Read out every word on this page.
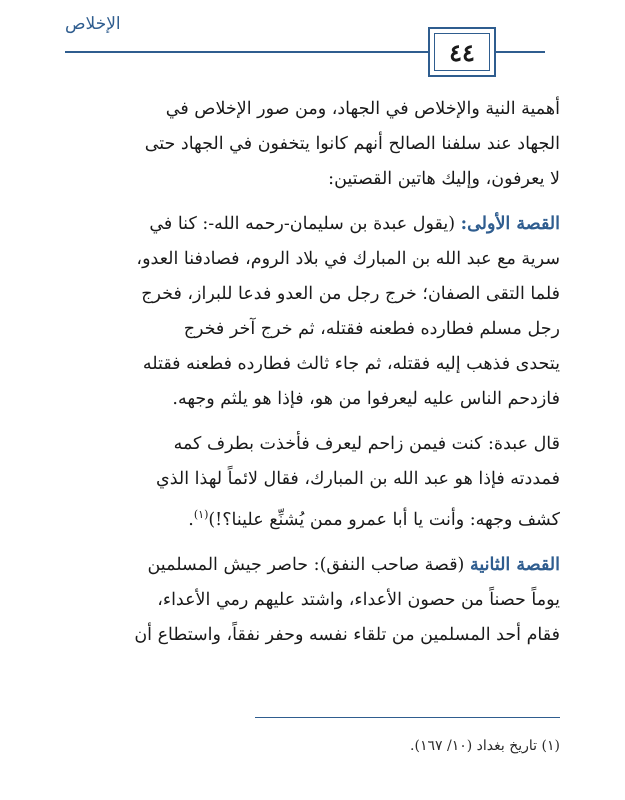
الإخلاص
٤٤
أهمية النية والإخلاص في الجهاد، ومن صور الإخلاص في
الجهاد عند سلفنا الصالح أنهم كانوا يتخفون في الجهاد حتى
لا يعرفون، وإليك هاتين القصتين:
القصة الأولى: (يقول عبدة بن سليمان-رحمه الله-: كنا في
سرية مع عبد الله بن المبارك في بلاد الروم، فصادفنا العدو،
فلما التقى الصفان؛ خرج رجل من العدو فدعا للبراز، فخرج
رجل مسلم فطارده فطعنه فقتله، ثم خرج آخر فخرج
يتحدى فذهب إليه فقتله، ثم جاء ثالث فطارده فطعنه فقتله
فازدحم الناس عليه ليعرفوا من هو، فإذا هو يلثم وجهه.
قال عبدة: كنت فيمن زاحم ليعرف فأخذت بطرف كمه
فمددته فإذا هو عبد الله بن المبارك، فقال لائماً لهذا الذي
كشف وجهه: وأنت يا أبا عمرو ممن يُشنِّع علينا؟!)$^{(١)}$.
القصة الثانية (قصة صاحب النفق): حاصر جيش المسلمين
يوماً حصناً من حصون الأعداء، واشتد عليهم رمي الأعداء،
فقام أحد المسلمين من تلقاء نفسه وحفر نفقاً، واستطاع أن
(١) تاريخ بغداد (١٠/ ١٦٧).
